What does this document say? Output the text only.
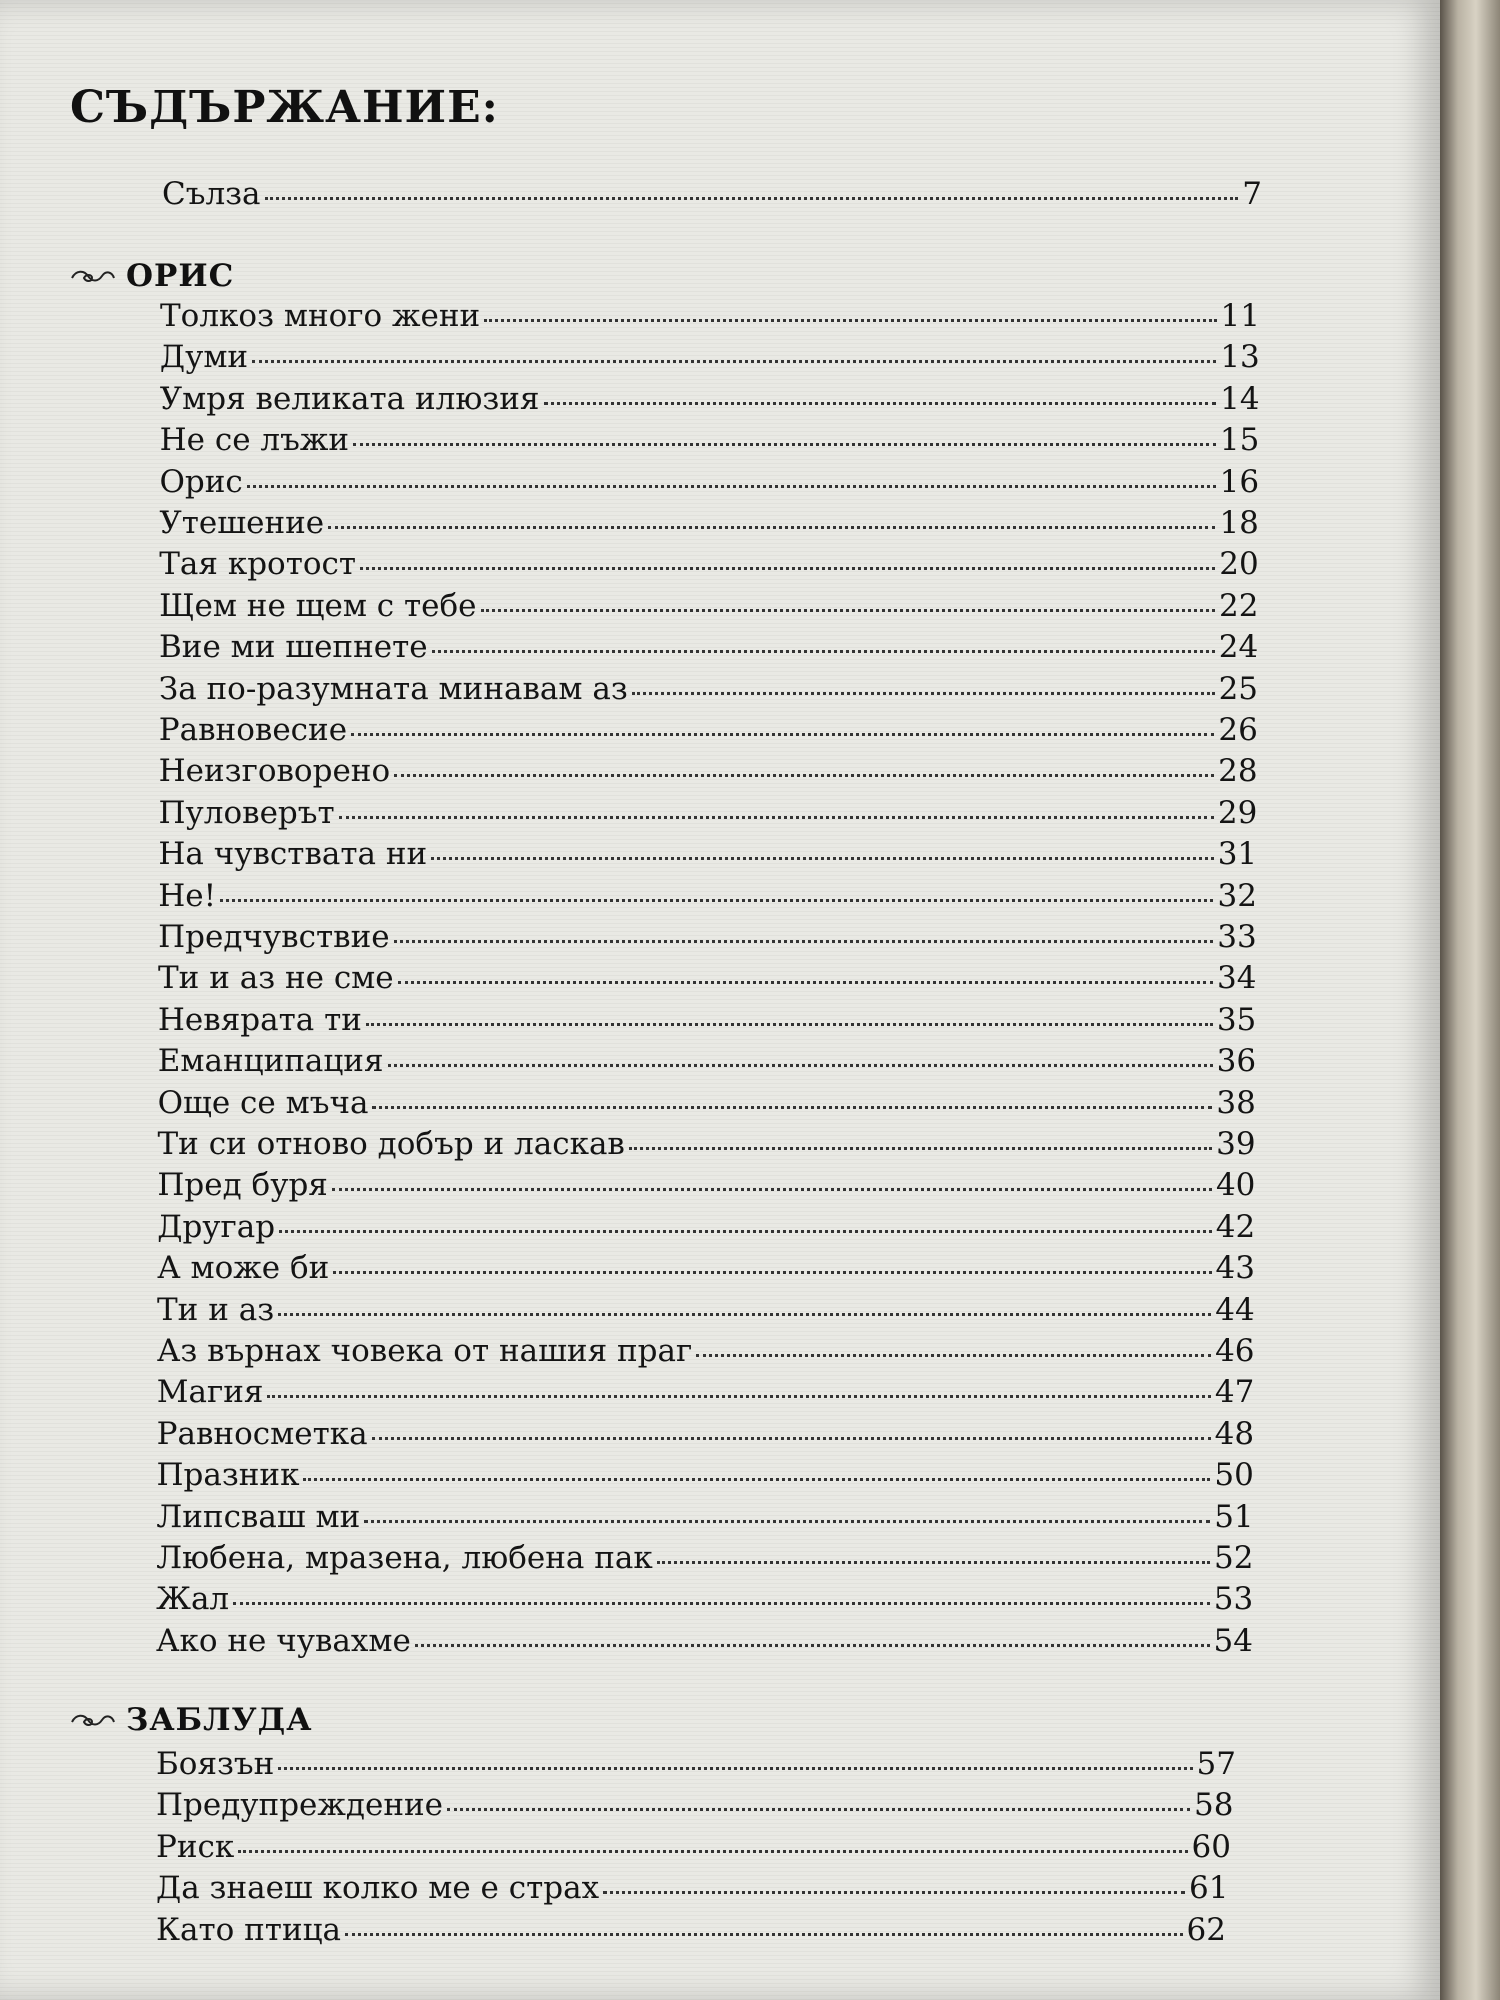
СЪДЪРЖАНИЕ:
Сълза	7
ОРИС
Толкоз много жени	11
Думи	13
Умря великата илюзия	14
Не се лъжи	15
Орис	16
Утешение	18
Тая кротост	20
Щем не щем с тебе	22
Вие ми шепнете	24
За по-разумната минавам аз	25
Равновесие	26
Неизговорено	28
Пуловерът	29
На чувствата ни	31
Не!	32
Предчувствие	33
Ти и аз не сме	34
Невярата ти	35
Еманципация	36
Още се мъча	38
Ти си отново добър и ласкав	39
Пред буря	40
Другар	42
А може би	43
Ти и аз	44
Аз върнах човека от нашия праг	46
Магия	47
Равносметка	48
Празник	50
Липсваш ми	51
Любена, мразена, любена пак	52
Жал	53
Ако не чувахме	54
ЗАБЛУДА
Боязън	57
Предупреждение	58
Риск	60
Да знаеш колко ме е страх	61
Като птица	62
